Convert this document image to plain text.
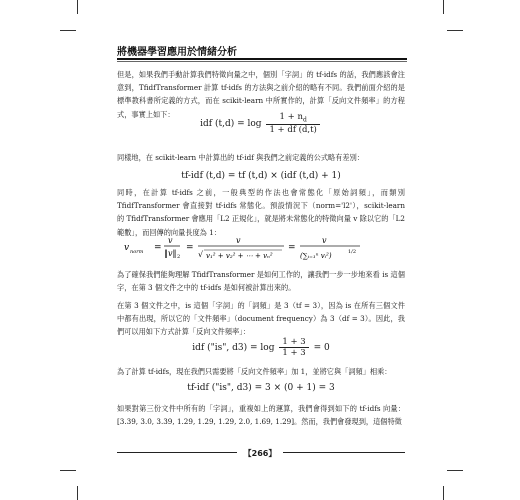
將機器學習應用於情緒分析
但是，如果我們手動計算我們特徵向量之中，個別「字詞」的 tf-idfs 的話，我們應該會注意到，TfidfTransformer 計算 tf-idfs 的方法與之前介紹的略有不同。我們前面介紹的是標準教科書所定義的方式，而在 scikit-learn 中所實作的，計算「反向文件頻率」的方程式，事實上如下：
idf $(t,d) = \log \frac{1 + n_d}{1 + df (d,t)}$
同樣地，在 scikit-learn 中計算出的 tf-idf 與我們之前定義的公式略有差別：
tf-idf (t,d) = tf (t,d) × (idf (t,d) + 1)
同時，在計算 tf-idfs 之前，一般典型的作法也會常態化「原始詞頻」，而類別 TfidfTransformer 會直接對 tf-idfs 常態化。預設情況下（norm='l2'），scikit-learn 的 TfidfTransformer 會應用「L2 正規化」，就是將未常態化的特徵向量 v 除以它的「L2 範數」，而回傳的向量長度為 1：
v norm =
v
‖v‖ 2
=
v
√ v₁² + v₂² + ⋯ + vₙ²
=
v
(∑ᵢ₌₁ⁿ vᵢ²)	1/2
為了確保我們能夠理解 TfidfTransformer 是如何工作的，讓我們一步一步地來看 is 這個字，在第 3 個文件之中的 tf-idfs 是如何被計算出來的。
在第 3 個文件之中，is 這個「字詞」的「詞頻」是 3（tf = 3），因為 is 在所有三個文件中都有出現，所以它的「文件頻率」（document frequency）為 3（df = 3）。因此，我們可以用如下方式計算「反向文件頻率」：
idf ("is", $d3) = \log \frac{1 + 3}{1 + 3} = 0$
為了計算 tf-idfs，現在我們只需要將「反向文件頻率」加 1，並將它與「詞頻」相乘：
tf-idf ("is", d3) = 3 × (0 + 1) = 3
如果對第三份文件中所有的「字詞」，重複如上的運算，我們會得到如下的 tf-idfs 向量：[3.39, 3.0, 3.39, 1.29, 1.29, 1.29, 2.0, 1.69, 1.29]。然而，我們會發現到，這個特徵
【266】
